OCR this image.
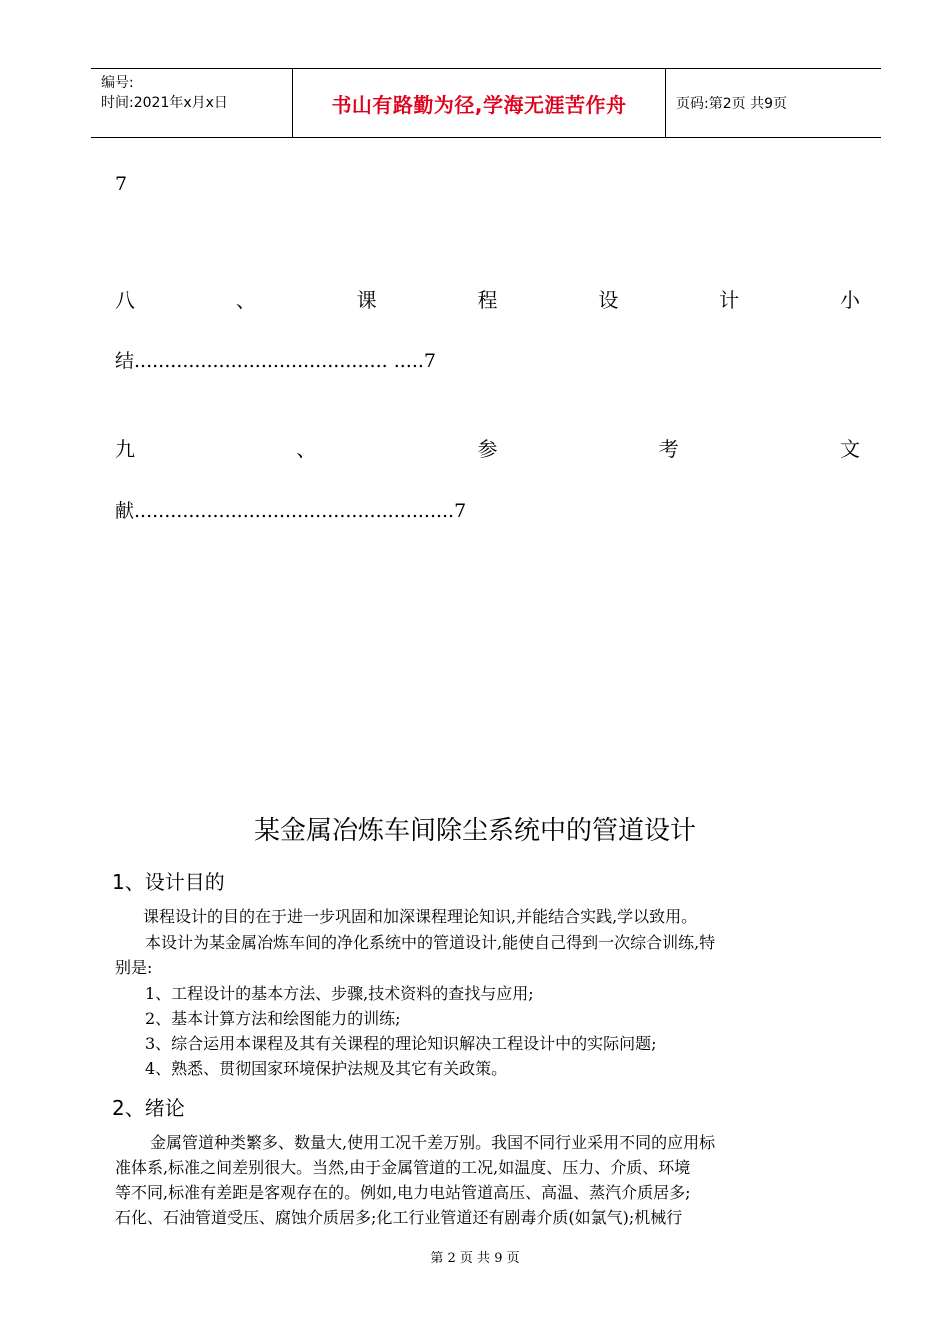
编号:
时间:2021年x月x日	书山有路勤为径,学海无涯苦作舟	页码:第2页 共9页
7
八	、	课	程	设	计	小
结.......................................... .....7
九	、	参	考	文
献.....................................................7
某金属冶炼车间除尘系统中的管道设计
1、设计目的
课程设计的目的在于进一步巩固和加深课程理论知识,并能结合实践,学以致用。
本设计为某金属冶炼车间的净化系统中的管道设计,能使自己得到一次综合训练,特
别是:
1、工程设计的基本方法、步骤,技术资料的查找与应用;
2、基本计算方法和绘图能力的训练;
3、综合运用本课程及其有关课程的理论知识解决工程设计中的实际问题;
4、熟悉、贯彻国家环境保护法规及其它有关政策。
2、绪论
金属管道种类繁多、数量大,使用工况千差万别。我国不同行业采用不同的应用标
准体系,标准之间差别很大。当然,由于金属管道的工况,如温度、压力、介质、环境
等不同,标准有差距是客观存在的。例如,电力电站管道高压、高温、蒸汽介质居多;
石化、石油管道受压、腐蚀介质居多;化工行业管道还有剧毒介质(如氯气);机械行
第 2 页 共 9 页
